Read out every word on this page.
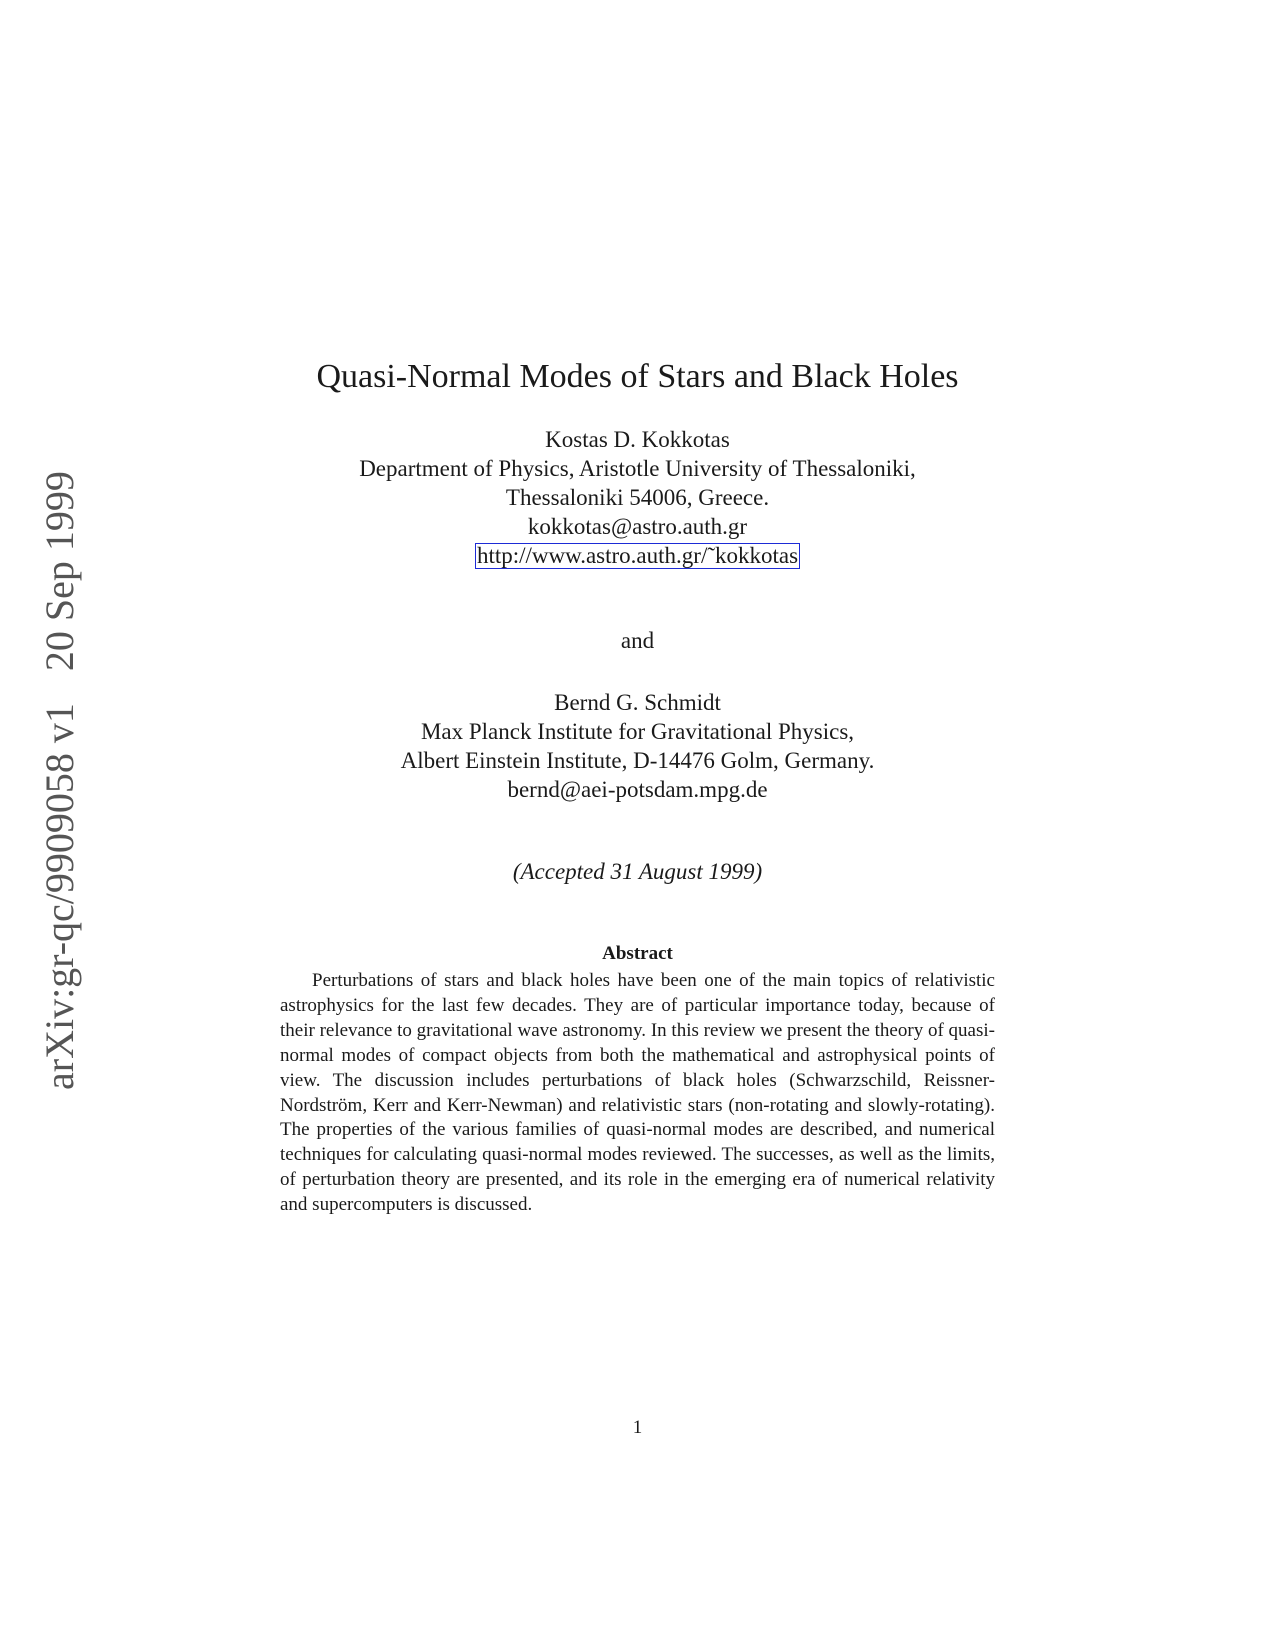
arXiv:gr-qc/9909058 v120 Sep 1999
Quasi-Normal Modes of Stars and Black Holes
Kostas D. Kokkotas
Department of Physics, Aristotle University of Thessaloniki,
Thessaloniki 54006, Greece.
kokkotas@astro.auth.gr
http://www.astro.auth.gr/˜kokkotas
and
Bernd G. Schmidt
Max Planck Institute for Gravitational Physics,
Albert Einstein Institute, D-14476 Golm, Germany.
bernd@aei-potsdam.mpg.de
(Accepted 31 August 1999)
Abstract
Perturbations of stars and black holes have been one of the main topics of relativistic astrophysics for the last few decades. They are of particular importance today, because of their relevance to gravitational wave astronomy. In this review we present the theory of quasi-normal modes of compact objects from both the mathematical and astrophysical points of view. The discussion includes perturbations of black holes (Schwarzschild, Reissner-Nordström, Kerr and Kerr-Newman) and relativistic stars (non-rotating and slowly-rotating). The properties of the various families of quasi-normal modes are described, and numerical techniques for calculating quasi-normal modes reviewed. The successes, as well as the limits, of perturbation theory are presented, and its role in the emerging era of numerical relativity and supercomputers is discussed.
1
